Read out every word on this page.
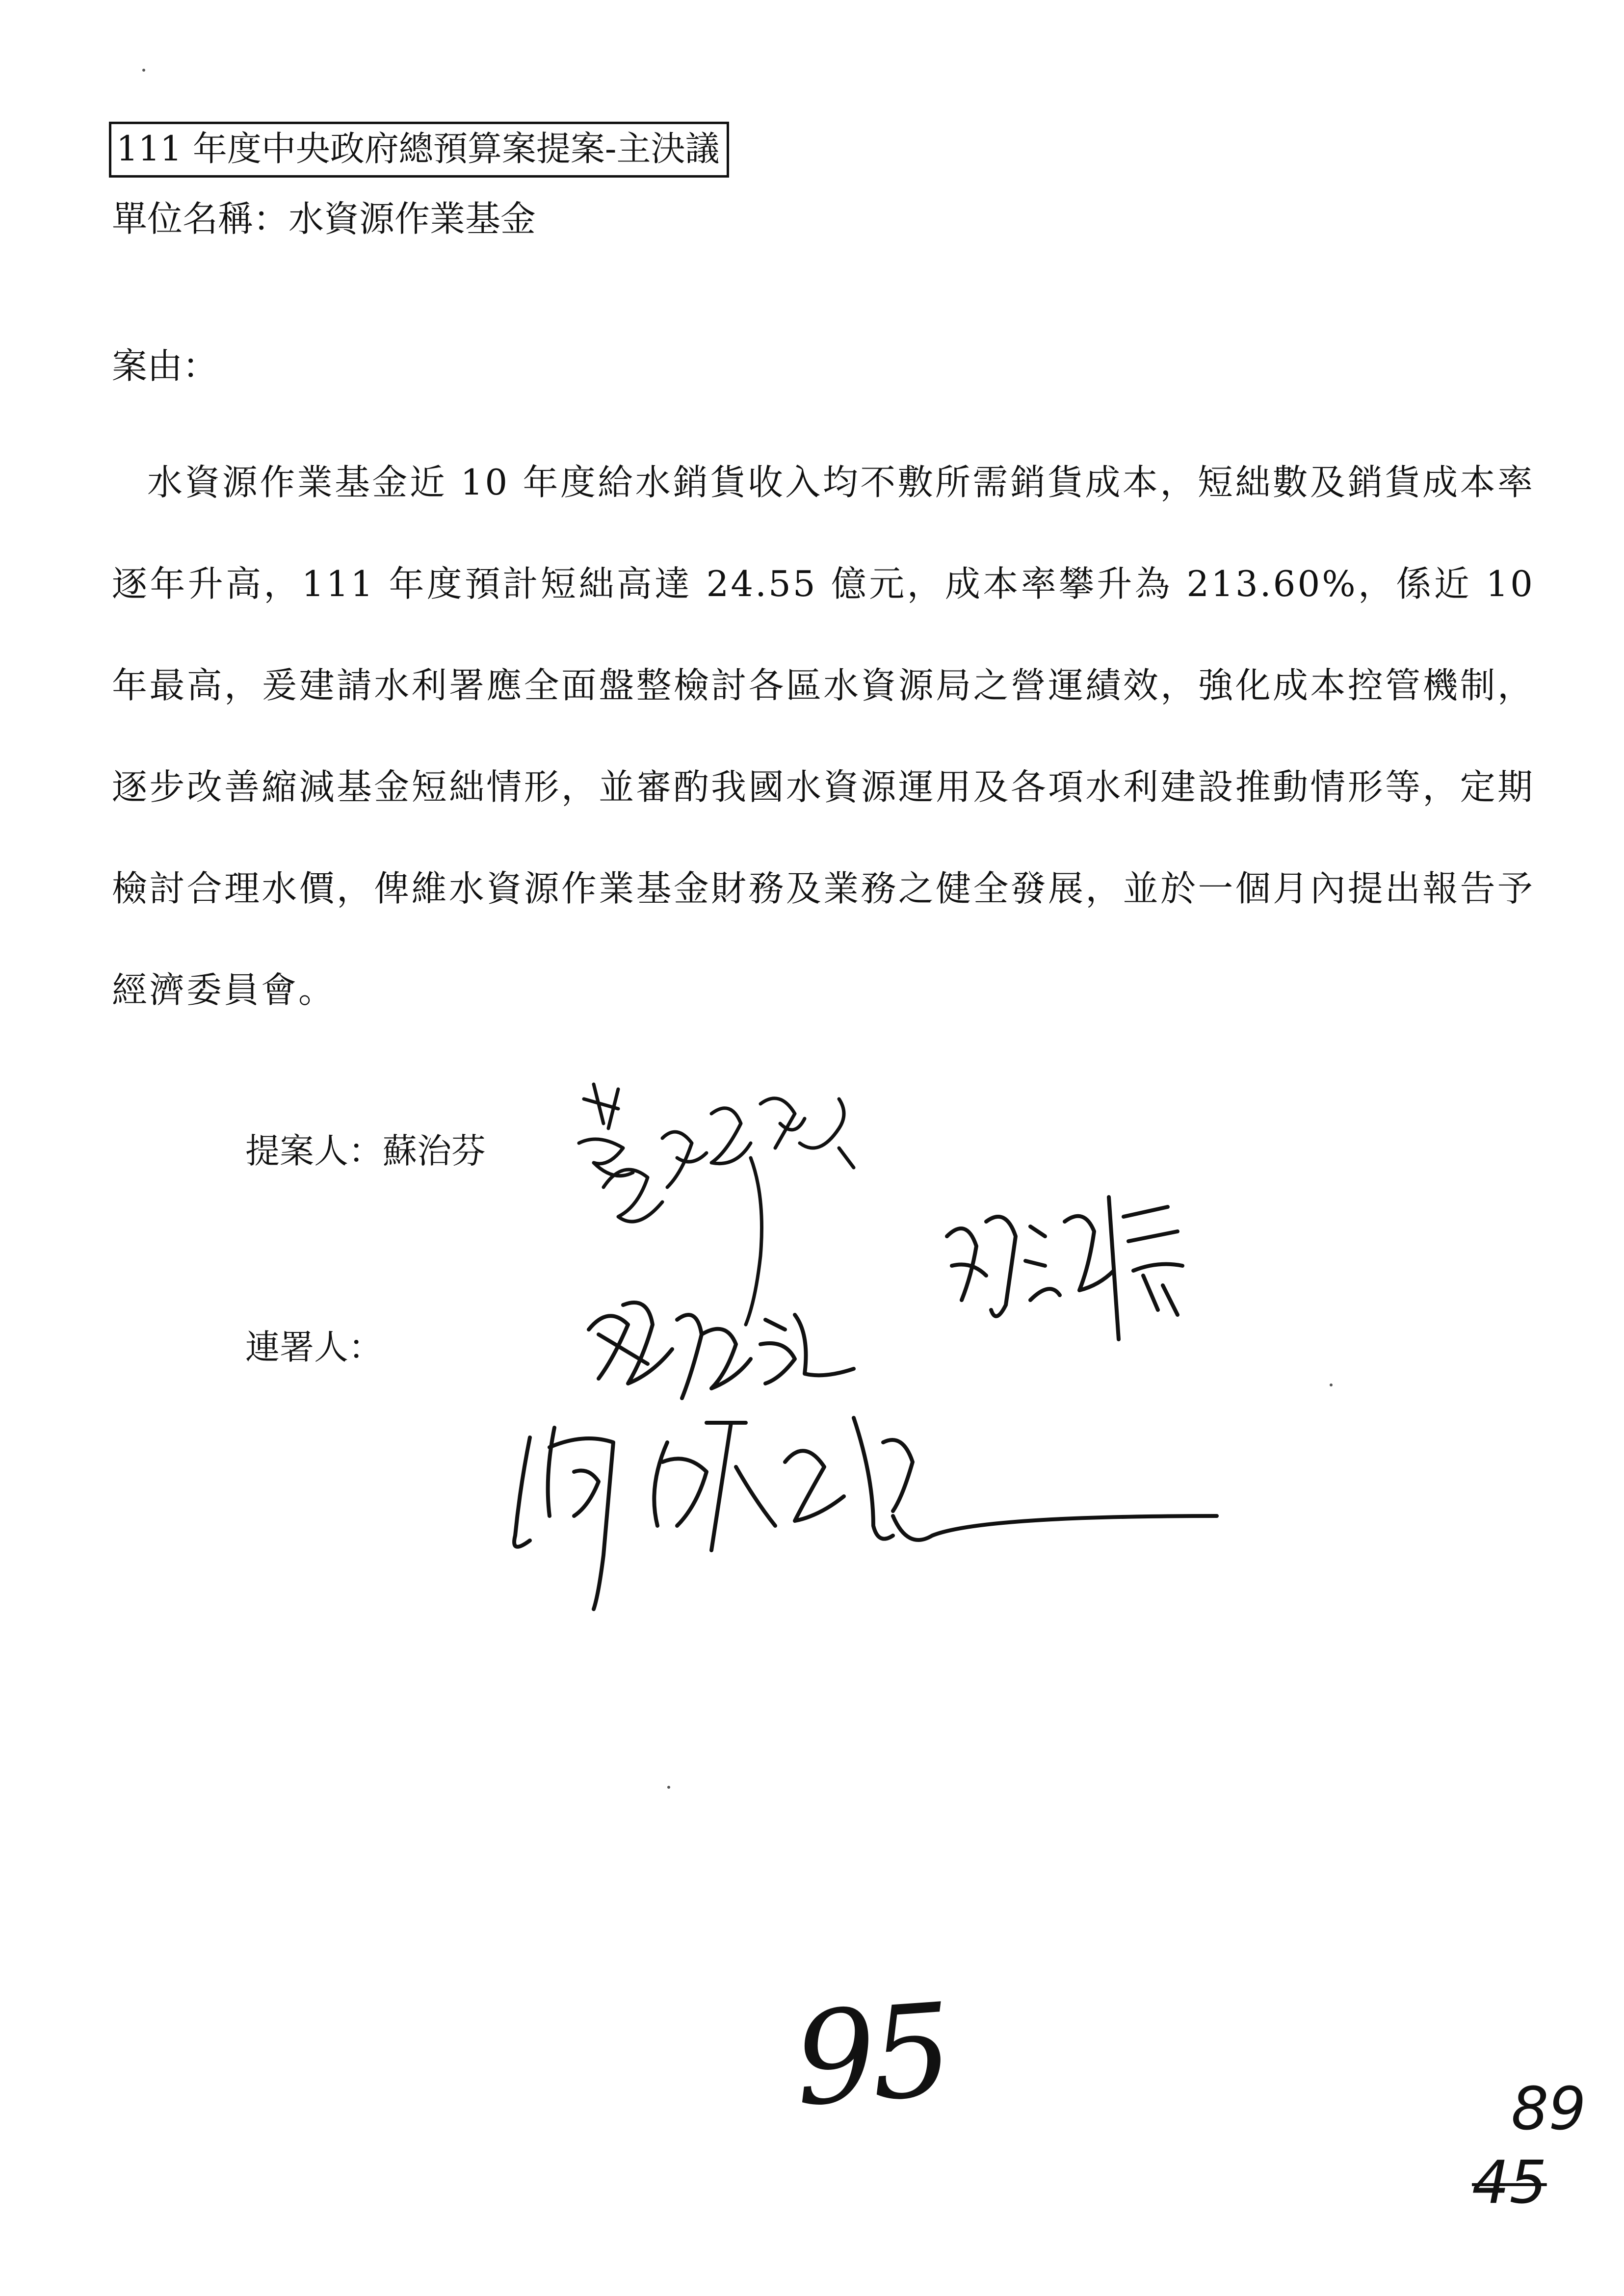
111 年度中央政府總預算案提案-主決議
單位名稱：水資源作業基金
案由：
水資源作業基金近 10 年度給水銷貨收入均不敷所需銷貨成本，短絀數及銷貨成本率逐年升高，111 年度預計短絀高達 24.55 億元，成本率攀升為 213.60%，係近 10 年最高，爰建請水利署應全面盤整檢討各區水資源局之營運績效，強化成本控管機制，逐步改善縮減基金短絀情形，並審酌我國水資源運用及各項水利建設推動情形等，定期檢討合理水價，俾維水資源作業基金財務及業務之健全發展，並於一個月內提出報告予經濟委員會。
提案人：蘇治芬
連署人：
95	89
45
